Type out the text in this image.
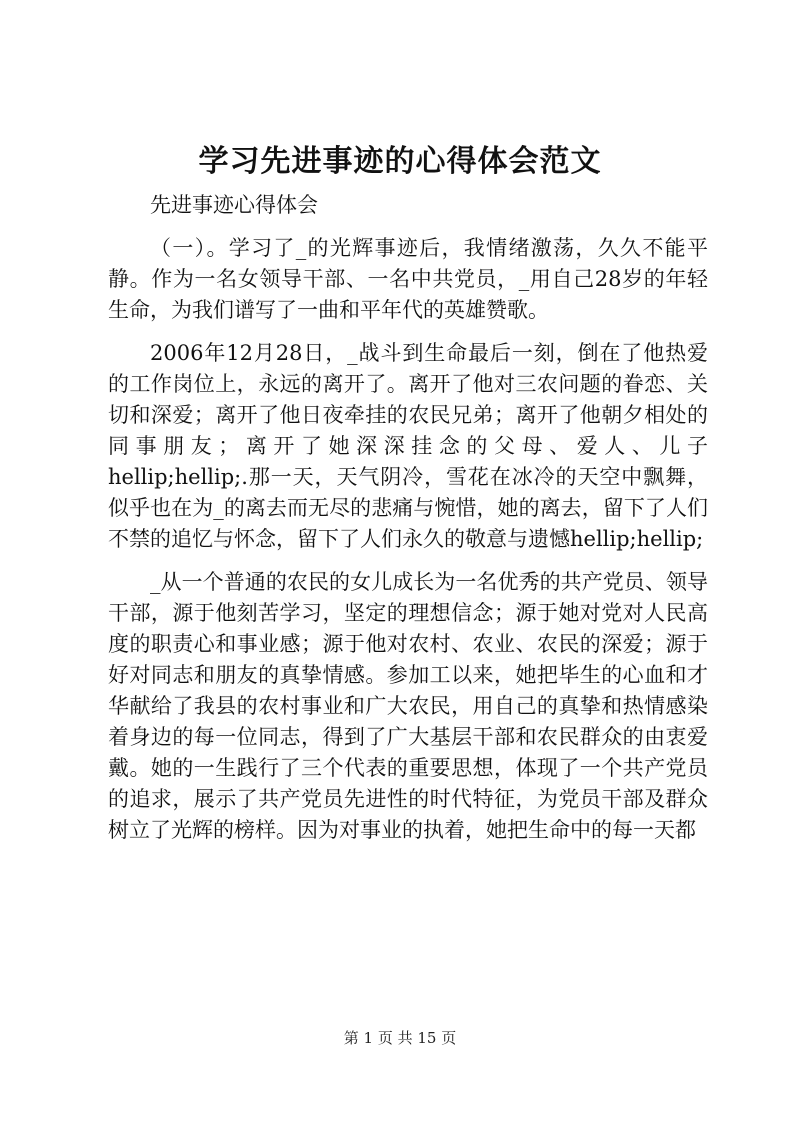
学习先进事迹的心得体会范文

先进事迹心得体会

（一）。学习了_的光辉事迹后，我情绪激荡，久久不能平静。作为一名女领导干部、一名中共党员，_用自己28岁的年轻生命，为我们谱写了一曲和平年代的英雄赞歌。

2006年12月28日，_战斗到生命最后一刻，倒在了他热爱的工作岗位上，永远的离开了。离开了他对三农问题的眷恋、关切和深爱；离开了他日夜牵挂的农民兄弟；离开了他朝夕相处的同事朋友；离开了她深深挂念的父母、爱人、儿子hellip;hellip;.那一天，天气阴冷，雪花在冰冷的天空中飘舞，似乎也在为_的离去而无尽的悲痛与惋惜，她的离去，留下了人们不禁的追忆与怀念，留下了人们永久的敬意与遗憾hellip;hellip;

_从一个普通的农民的女儿成长为一名优秀的共产党员、领导干部，源于他刻苦学习，坚定的理想信念；源于她对党对人民高度的职责心和事业感；源于他对农村、农业、农民的深爱；源于好对同志和朋友的真挚情感。参加工以来，她把毕生的心血和才华献给了我县的农村事业和广大农民，用自己的真挚和热情感染着身边的每一位同志，得到了广大基层干部和农民群众的由衷爱戴。她的一生践行了三个代表的重要思想，体现了一个共产党员的追求，展示了共产党员先进性的时代特征，为党员干部及群众树立了光辉的榜样。因为对事业的执着，她把生命中的每一天都

第 1 页 共 15 页
